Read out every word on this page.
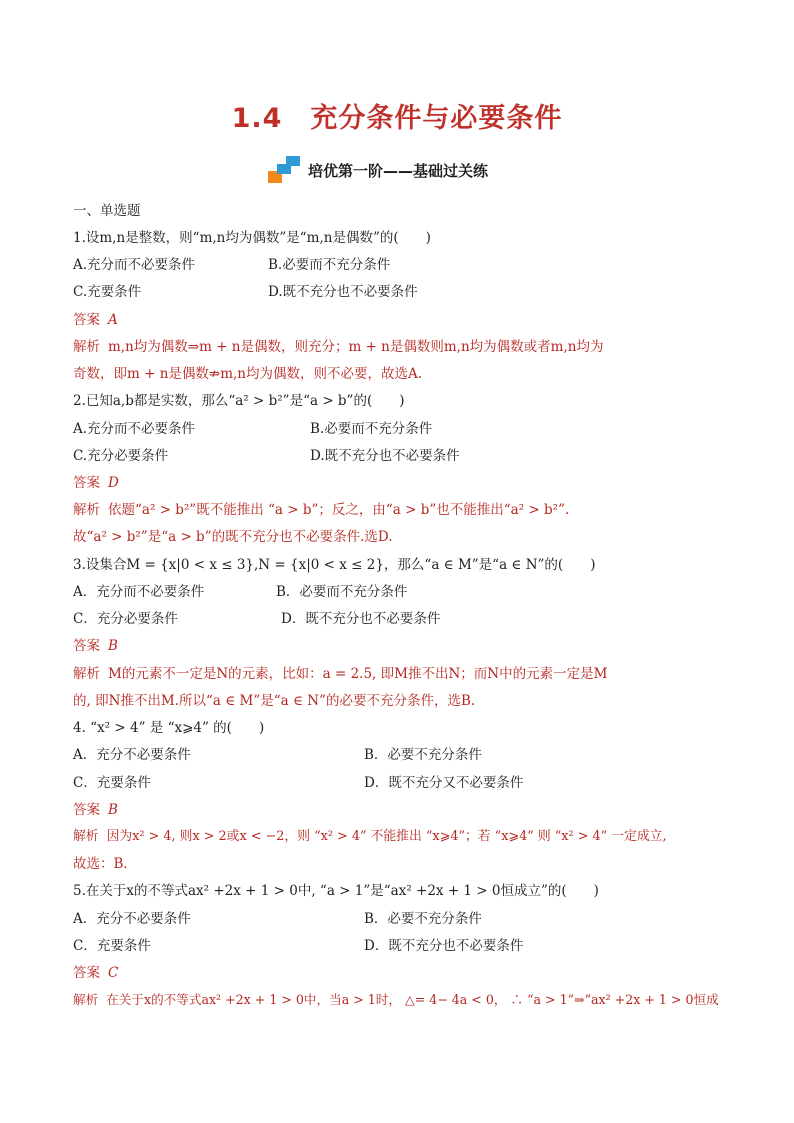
1.4　充分条件与必要条件
培优第一阶——基础过关练
一、单选题
1.设m,n是整数，则“m,n均为偶数”是“m,n是偶数”的(　　)
A.充分而不必要条件	B.必要而不充分条件
C.充要条件	D.既不充分也不必要条件
答案 A
解析 m,n均为偶数⇒m + n是偶数，则充分；m + n是偶数则m,n均为偶数或者m,n均为
奇数，即m + n是偶数⇏m,n均为偶数，则不必要，故选A.
2.已知a,b都是实数，那么“a² > b²”是“a > b”的(　　)
A.充分而不必要条件	B.必要而不充分条件
C.充分必要条件	D.既不充分也不必要条件
答案 D
解析 依题“a² > b²”既不能推出 “a > b”；反之，由“a > b”也不能推出“a² > b²”.
故“a² > b²”是“a > b”的既不充分也不必要条件.选D.
3.设集合M = {x|0 < x ≤ 3},N = {x|0 < x ≤ 2}，那么“a ∈ M”是“a ∈ N”的(　　)
A．充分而不必要条件	B．必要而不充分条件
C．充分必要条件	D．既不充分也不必要条件
答案 B
解析 M的元素不一定是N的元素，比如：a = 2.5, 即M推不出N；而N中的元素一定是M
的, 即N推不出M.所以“a ∈ M”是“a ∈ N”的必要不充分条件，选B.
4. “x² > 4” 是 “x⩾4” 的(　　)
A．充分不必要条件	B．必要不充分条件
C．充要条件	D．既不充分又不必要条件
答案 B
解析 因为x² > 4, 则x > 2或x < −2，则 “x² > 4” 不能推出 “x⩾4”；若 “x⩾4” 则 “x² > 4” 一定成立,
故选：B．
5.在关于x的不等式ax² +2x + 1 > 0中, “a > 1”是“ax² +2x + 1 > 0恒成立”的(　　)
A．充分不必要条件	B．必要不充分条件
C．充要条件	D．既不充分也不必要条件
答案 C
解析 在关于x的不等式ax² +2x + 1 > 0中，当a > 1时， △= 4− 4a < 0， ∴ “a > 1”⇒“ax² +2x + 1 > 0恒成
